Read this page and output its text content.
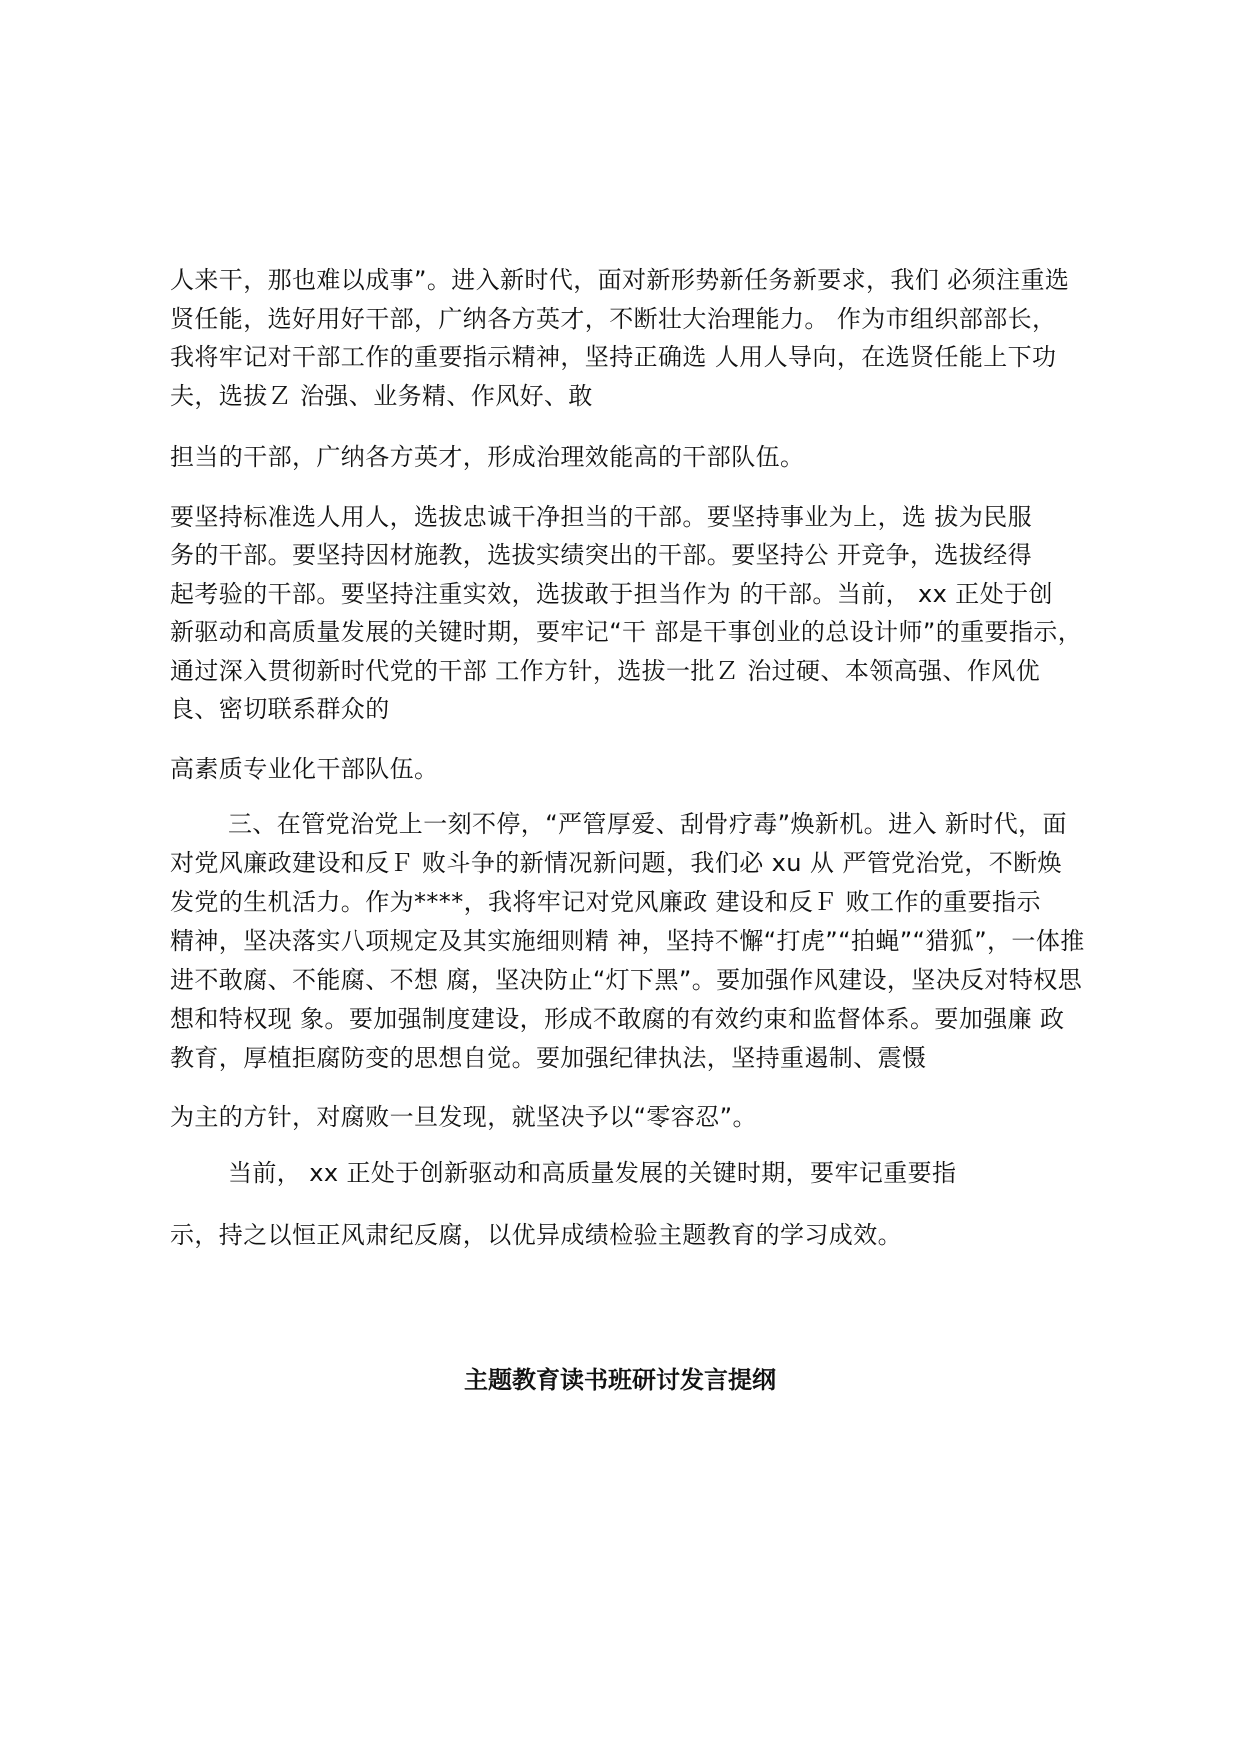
人来干，那也难以成事”。进入新时代，面对新形势新任务新要求，我们 必须注重选
贤任能，选好用好干部，广纳各方英才，不断壮大治理能力。 作为市组织部部长，
我将牢记对干部工作的重要指示精神，坚持正确选 人用人导向，在选贤任能上下功
夫，选拔Ｚ 治强、业务精、作风好、敢
担当的干部，广纳各方英才，形成治理效能高的干部队伍。
要坚持标准选人用人，选拔忠诚干净担当的干部。要坚持事业为上，选 拔为民服
务的干部。要坚持因材施教，选拔实绩突出的干部。要坚持公 开竞争，选拔经得
起考验的干部。要坚持注重实效，选拔敢于担当作为 的干部。当前， xx 正处于创
新驱动和高质量发展的关键时期，要牢记“干 部是干事创业的总设计师”的重要指示，
通过深入贯彻新时代党的干部 工作方针，选拔一批Ｚ 治过硬、本领高强、作风优
良、密切联系群众的
高素质专业化干部队伍。
三、在管党治党上一刻不停，“严管厚爱、刮骨疗毒”焕新机。进入 新时代，面
对党风廉政建设和反Ｆ 败斗争的新情况新问题，我们必 xu 从 严管党治党，不断焕
发党的生机活力。作为****，我将牢记对党风廉政 建设和反Ｆ 败工作的重要指示
精神，坚决落实八项规定及其实施细则精 神，坚持不懈“打虎”“拍蝇”“猎狐”，一体推
进不敢腐、不能腐、不想 腐，坚决防止“灯下黑”。要加强作风建设，坚决反对特权思
想和特权现 象。要加强制度建设，形成不敢腐的有效约束和监督体系。要加强廉 政
教育，厚植拒腐防变的思想自觉。要加强纪律执法，坚持重遏制、震慑
为主的方针，对腐败一旦发现，就坚决予以“零容忍”。
当前， xx 正处于创新驱动和高质量发展的关键时期，要牢记重要指
示，持之以恒正风肃纪反腐，以优异成绩检验主题教育的学习成效。
主题教育读书班研讨发言提纲
